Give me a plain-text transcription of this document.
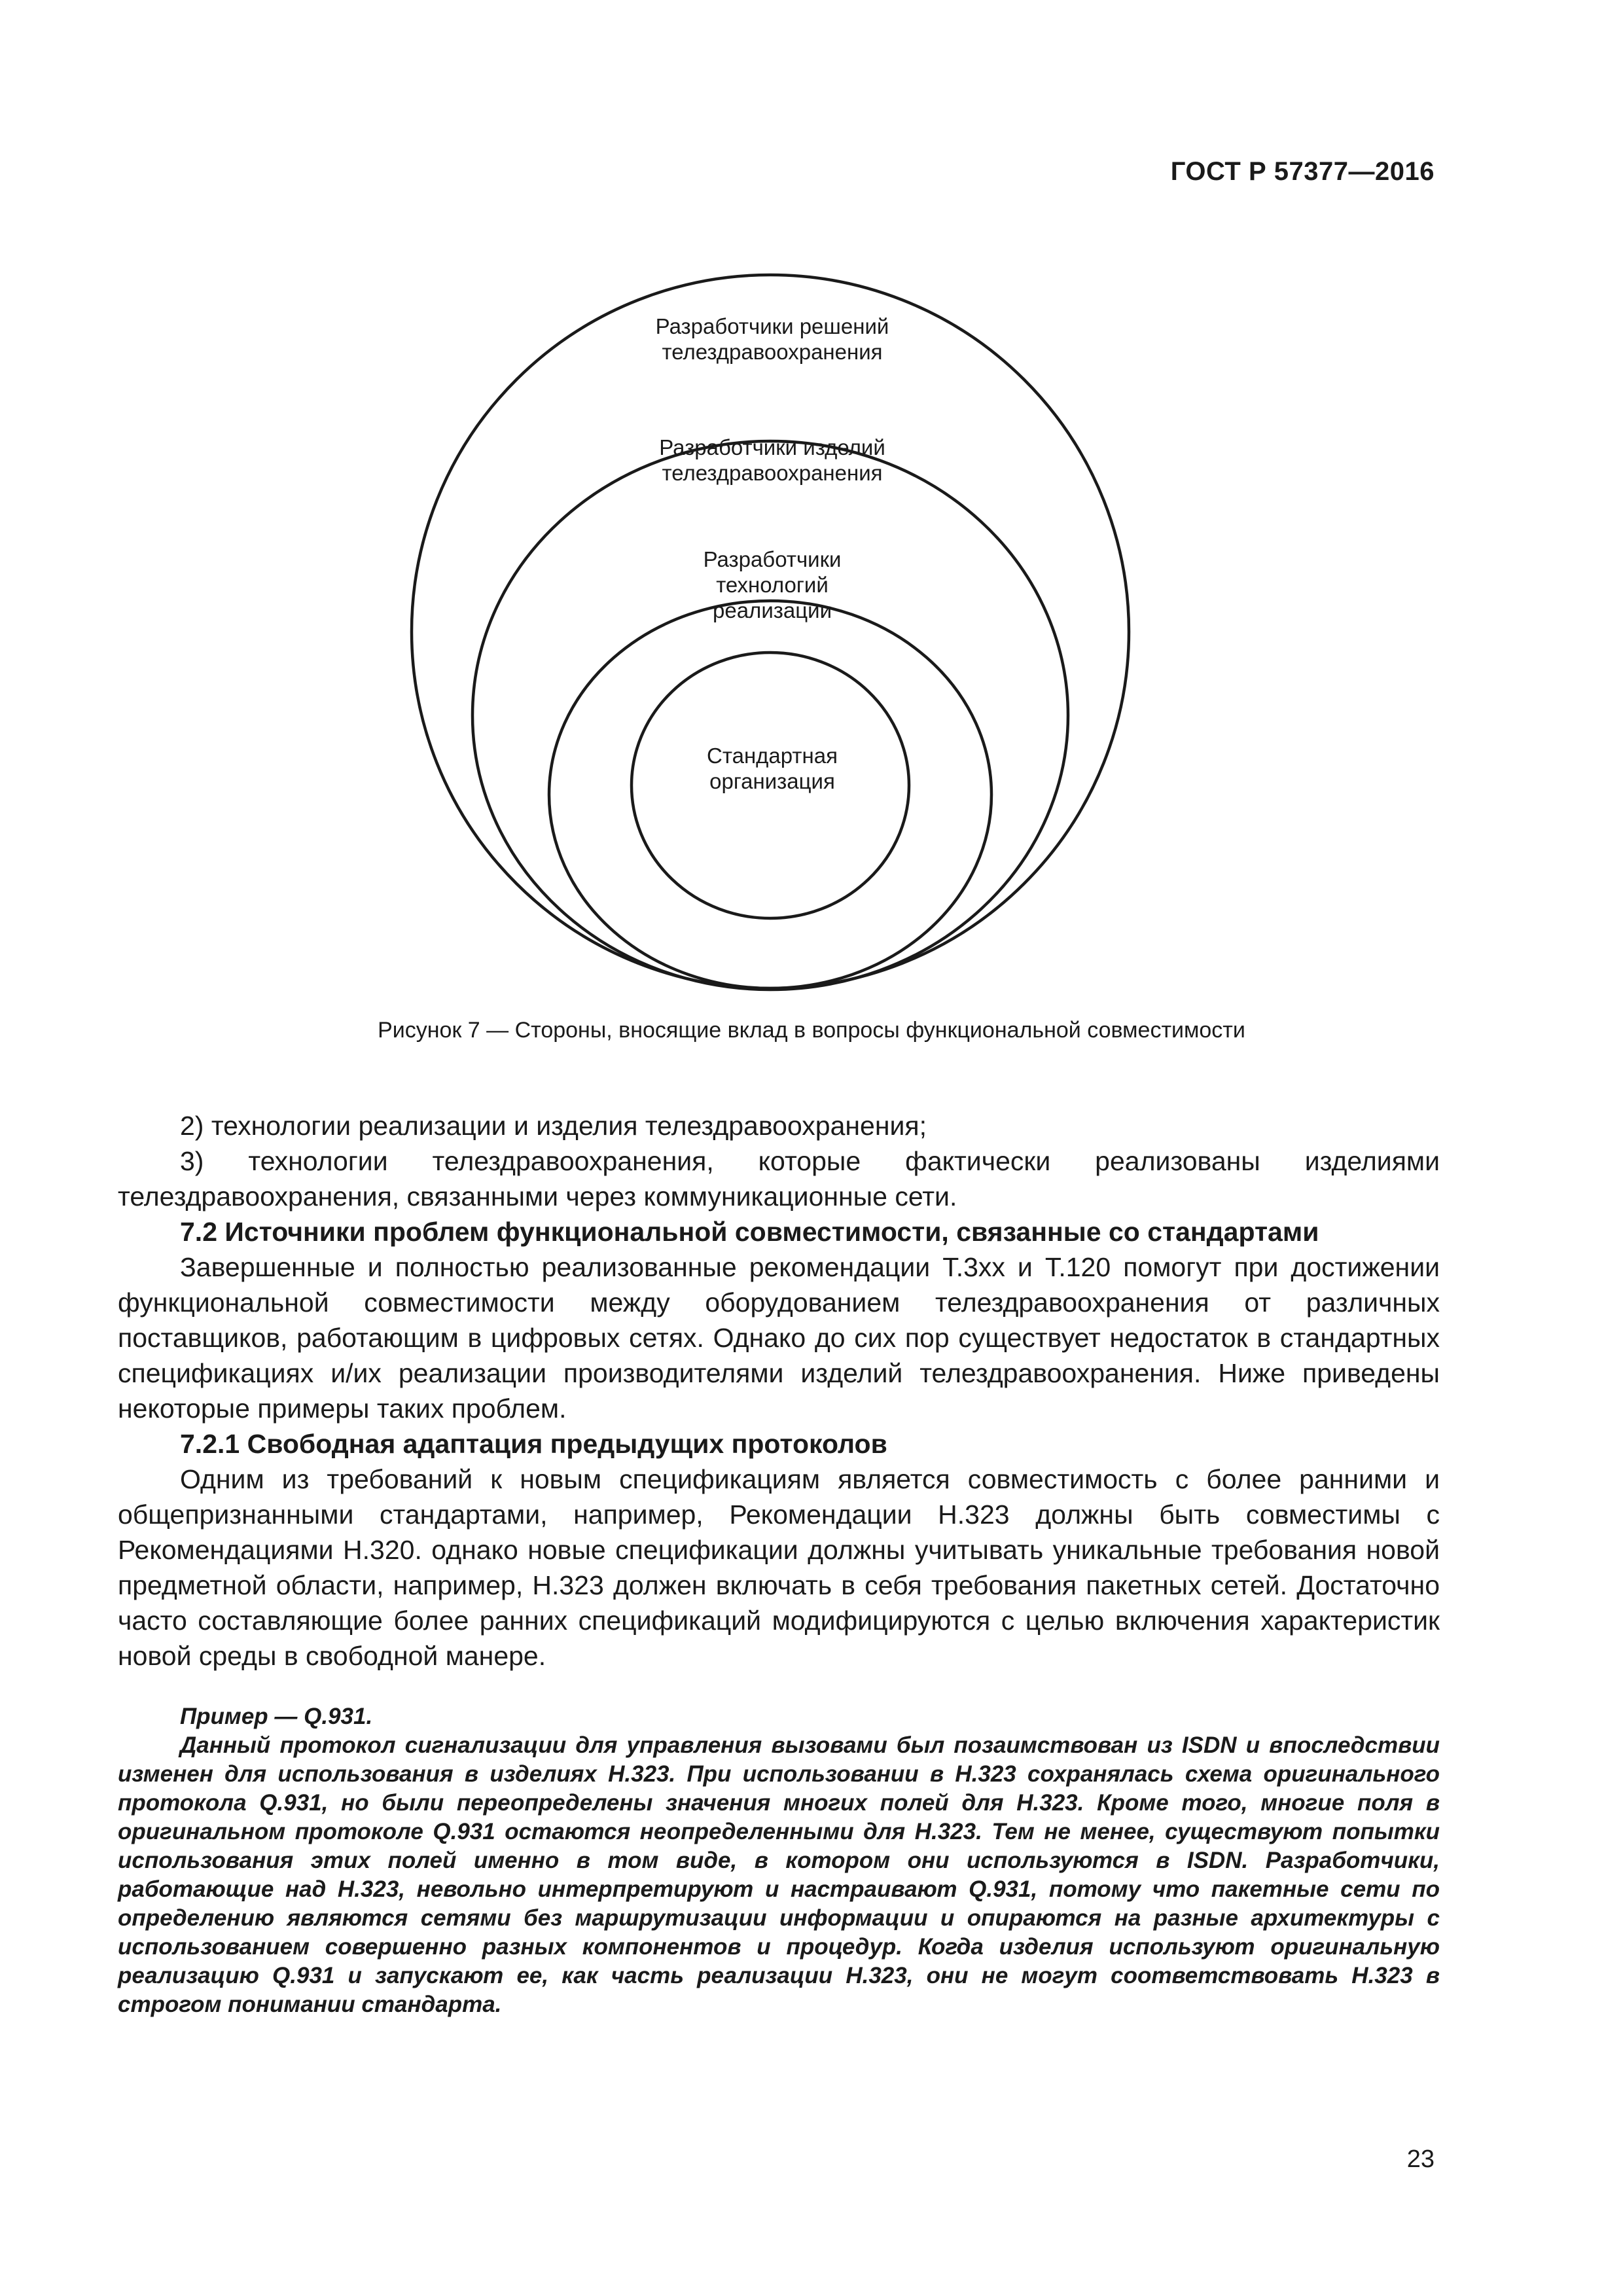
ГОСТ Р 57377—2016
Разработчики решений
телездравоохранения
Разработчики изделий
телездравоохранения
Разработчики
технологий
реализации
Стандартная
организация
Рисунок 7 — Стороны, вносящие вклад в вопросы функциональной совместимости

2) технологии реализации и изделия телездравоохранения;

3) технологии телездравоохранения, которые фактически реализованы изделиями телездравоохранения, связанными через коммуникационные сети.

7.2 Источники проблем функциональной совместимости, связанные со стандартами

Завершенные и полностью реализованные рекомендации Т.3хх и Т.120 помогут при достижении функциональной совместимости между оборудованием телездравоохранения от различных поставщиков, работающим в цифровых сетях. Однако до сих пор существует недостаток в стандартных спецификациях и/их реализации производителями изделий телездравоохранения. Ниже приведены некоторые примеры таких проблем.

7.2.1 Свободная адаптация предыдущих протоколов

Одним из требований к новым спецификациям является совместимость с более ранними и общепризнанными стандартами, например, Рекомендации Н.323 должны быть совместимы с Рекомендациями Н.320. однако новые спецификации должны учитывать уникальные требования новой предметной области, например, Н.323 должен включать в себя требования пакетных сетей. Достаточно часто составляющие более ранних спецификаций модифицируются с целью включения характеристик новой среды в свободной манере.

Пример — Q.931.

Данный протокол сигнализации для управления вызовами был позаимствован из ISDN и впоследствии изменен для использования в изделиях Н.323. При использовании в Н.323 сохранялась схема оригинального протокола Q.931, но были переопределены значения многих полей для Н.323. Кроме того, многие поля в оригинальном протоколе Q.931 остаются неопределенными для Н.323. Тем не менее, существуют попытки использования этих полей именно в том виде, в котором они используются в ISDN. Разработчики, работающие над Н.323, невольно интерпретируют и настраивают Q.931, потому что пакетные сети по определению являются сетями без маршрутизации информации и опираются на разные архитектуры с использованием совершенно разных компонентов и процедур. Когда изделия используют оригинальную реализацию Q.931 и запускают ее, как часть реализации Н.323, они не могут соответствовать Н.323 в строгом понимании стандарта.

23
